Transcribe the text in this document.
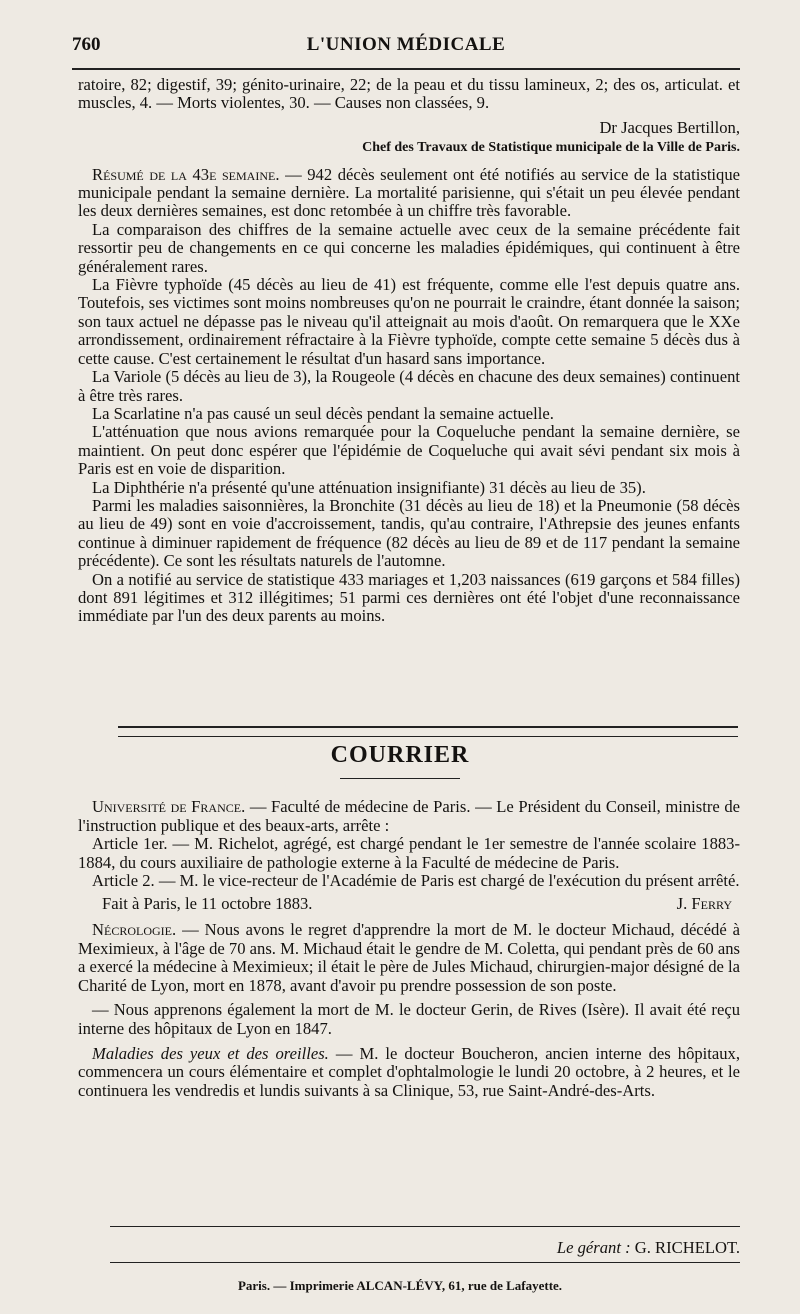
760	L'UNION MÉDICALE

ratoire, 82; digestif, 39; génito-urinaire, 22; de la peau et du tissu lamineux, 2; des os, articulat. et muscles, 4. — Morts violentes, 30. — Causes non classées, 9.

Dr Jacques Bertillon,
Chef des Travaux de Statistique municipale de la Ville de Paris.

Résumé de la 43e semaine. — 942 décès seulement ont été notifiés au service de la statistique municipale pendant la semaine dernière. La mortalité parisienne, qui s'était un peu élevée pendant les deux dernières semaines, est donc retombée à un chiffre très favorable.

La comparaison des chiffres de la semaine actuelle avec ceux de la semaine précédente fait ressortir peu de changements en ce qui concerne les maladies épidémiques, qui continuent à être généralement rares.

La Fièvre typhoïde (45 décès au lieu de 41) est fréquente, comme elle l'est depuis quatre ans. Toutefois, ses victimes sont moins nombreuses qu'on ne pourrait le craindre, étant donnée la saison; son taux actuel ne dépasse pas le niveau qu'il atteignait au mois d'août. On remarquera que le XXe arrondissement, ordinairement réfractaire à la Fièvre typhoïde, compte cette semaine 5 décès dus à cette cause. C'est certainement le résultat d'un hasard sans importance.

La Variole (5 décès au lieu de 3), la Rougeole (4 décès en chacune des deux semaines) continuent à être très rares.

La Scarlatine n'a pas causé un seul décès pendant la semaine actuelle.

L'atténuation que nous avions remarquée pour la Coqueluche pendant la semaine dernière, se maintient. On peut donc espérer que l'épidémie de Coqueluche qui avait sévi pendant six mois à Paris est en voie de disparition.

La Diphthérie n'a présenté qu'une atténuation insignifiante) 31 décès au lieu de 35).

Parmi les maladies saisonnières, la Bronchite (31 décès au lieu de 18) et la Pneumonie (58 décès au lieu de 49) sont en voie d'accroissement, tandis, qu'au contraire, l'Athrepsie des jeunes enfants continue à diminuer rapidement de fréquence (82 décès au lieu de 89 et de 117 pendant la semaine précédente). Ce sont les résultats naturels de l'automne.

On a notifié au service de statistique 433 mariages et 1,203 naissances (619 garçons et 584 filles) dont 891 légitimes et 312 illégitimes; 51 parmi ces dernières ont été l'objet d'une reconnaissance immédiate par l'un des deux parents au moins.

COURRIER

Université de France. — Faculté de médecine de Paris. — Le Président du Conseil, ministre de l'instruction publique et des beaux-arts, arrête :

Article 1er. — M. Richelot, agrégé, est chargé pendant le 1er semestre de l'année scolaire 1883-1884, du cours auxiliaire de pathologie externe à la Faculté de médecine de Paris.

Article 2. — M. le vice-recteur de l'Académie de Paris est chargé de l'exécution du présent arrêté.

Fait à Paris, le 11 octobre 1883.	J. Ferry

Nécrologie. — Nous avons le regret d'apprendre la mort de M. le docteur Michaud, décédé à Meximieux, à l'âge de 70 ans. M. Michaud était le gendre de M. Coletta, qui pendant près de 60 ans a exercé la médecine à Meximieux; il était le père de Jules Michaud, chirurgien-major désigné de la Charité de Lyon, mort en 1878, avant d'avoir pu prendre possession de son poste.

— Nous apprenons également la mort de M. le docteur Gerin, de Rives (Isère). Il avait été reçu interne des hôpitaux de Lyon en 1847.

Maladies des yeux et des oreilles. — M. le docteur Boucheron, ancien interne des hôpitaux, commencera un cours élémentaire et complet d'ophtalmologie le lundi 20 octobre, à 2 heures, et le continuera les vendredis et lundis suivants à sa Clinique, 53, rue Saint-André-des-Arts.

Le gérant : G. RICHELOT.
Paris. — Imprimerie ALCAN-LÉVY, 61, rue de Lafayette.
